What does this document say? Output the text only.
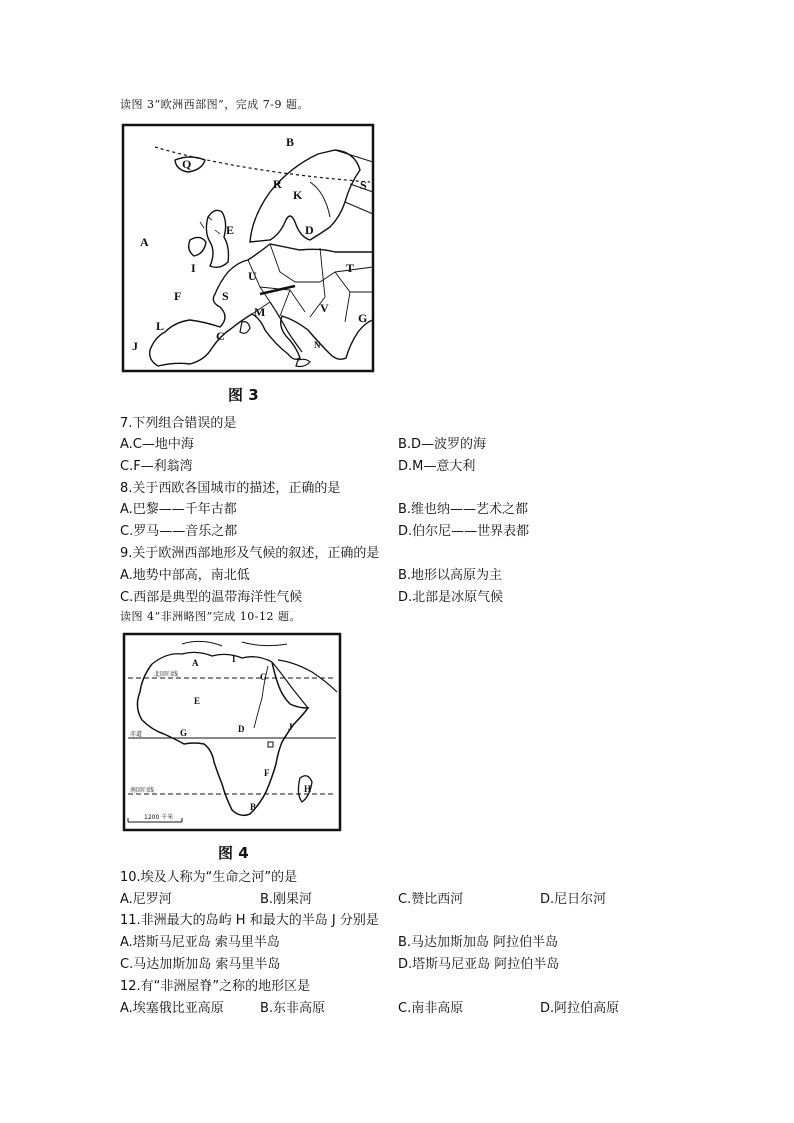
读图 3“欧洲西部图”，完成 7-9 题。
B
Q
R	S
K
A
E	D
I	T
U
F	S
M	V
L
C
G
J	N
图 3
7.下列组合错误的是
A.C—地中海	B.D—波罗的海
C.F—利翁湾	D.M—意大利
8.关于西欧各国城市的描述，正确的是
A.巴黎——千年古都	B.维也纳——艺术之都
C.罗马——音乐之都	D.伯尔尼——世界表都
9.关于欧洲西部地形及气候的叙述，正确的是
A.地势中部高，南北低	B.地形以高原为主
C.西部是典型的温带海洋性气候	D.北部是冰原气候
读图 4“非洲略图”完成 10-12 题。
1200 千米
北回归线
赤道
南回归线
A	I
C
E
D	J
G
F
H
B
图 4
10.埃及人称为“生命之河”的是
A.尼罗河	B.刚果河	C.赞比西河	D.尼日尔河
11.非洲最大的岛屿 H 和最大的半岛 J 分别是
A.塔斯马尼亚岛 索马里半岛	B.马达加斯加岛 阿拉伯半岛
C.马达加斯加岛 索马里半岛	D.塔斯马尼亚岛 阿拉伯半岛
12.有“非洲屋脊”之称的地形区是
A.埃塞俄比亚高原	B.东非高原	C.南非高原	D.阿拉伯高原
